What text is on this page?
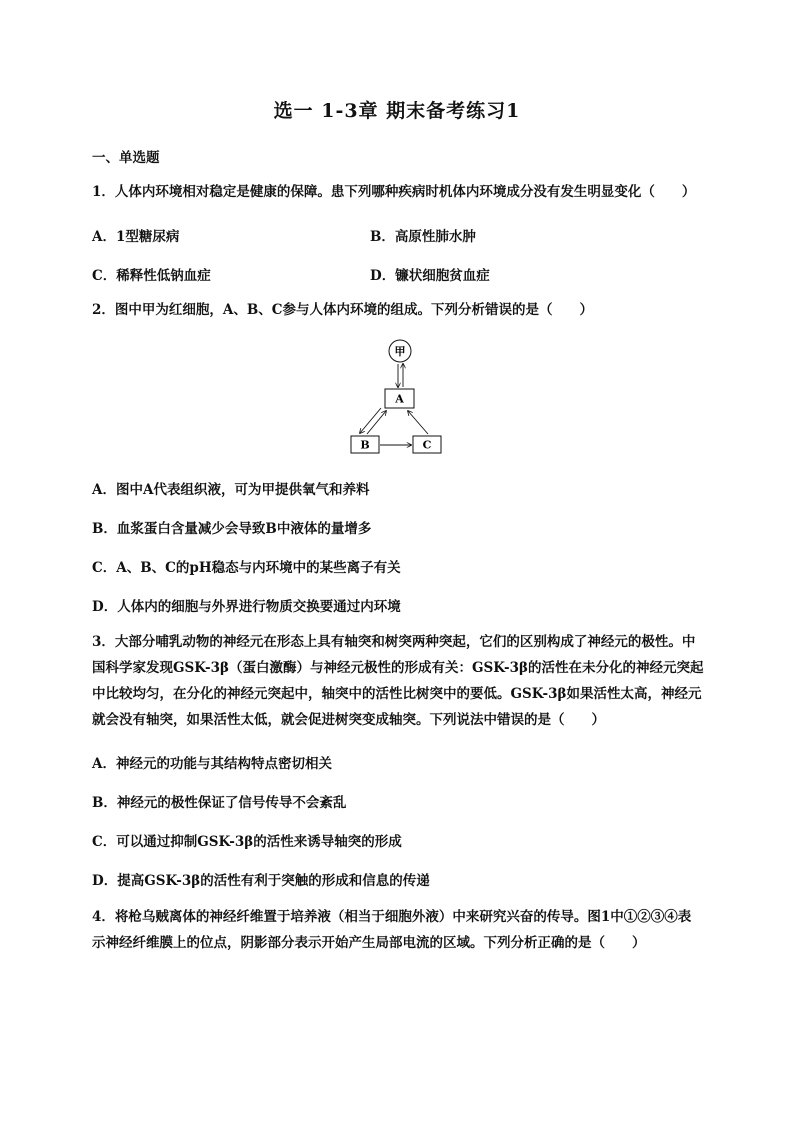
选一 1-3章 期末备考练习1
一、单选题
1．人体内环境相对稳定是健康的保障。患下列哪种疾病时机体内环境成分没有发生明显变化（　　）
A．1型糖尿病	B．高原性肺水肿
C．稀释性低钠血症	D．镰状细胞贫血症
2．图中甲为红细胞，A、B、C参与人体内环境的组成。下列分析错误的是（　　）
甲
A
B	C
A．图中A代表组织液，可为甲提供氧气和养料
B．血浆蛋白含量减少会导致B中液体的量增多
C．A、B、C的pH稳态与内环境中的某些离子有关
D．人体内的细胞与外界进行物质交换要通过内环境
3．大部分哺乳动物的神经元在形态上具有轴突和树突两种突起，它们的区别构成了神经元的极性。中国科学家发现GSK-3β（蛋白激酶）与神经元极性的形成有关：GSK-3β的活性在未分化的神经元突起中比较均匀，在分化的神经元突起中，轴突中的活性比树突中的要低。GSK-3β如果活性太高，神经元就会没有轴突，如果活性太低，就会促进树突变成轴突。下列说法中错误的是（　　）
A．神经元的功能与其结构特点密切相关
B．神经元的极性保证了信号传导不会紊乱
C．可以通过抑制GSK-3β的活性来诱导轴突的形成
D．提高GSK-3β的活性有利于突触的形成和信息的传递
4．将枪乌贼离体的神经纤维置于培养液（相当于细胞外液）中来研究兴奋的传导。图1中①②③④表示神经纤维膜上的位点，阴影部分表示开始产生局部电流的区域。下列分析正确的是（　　）
